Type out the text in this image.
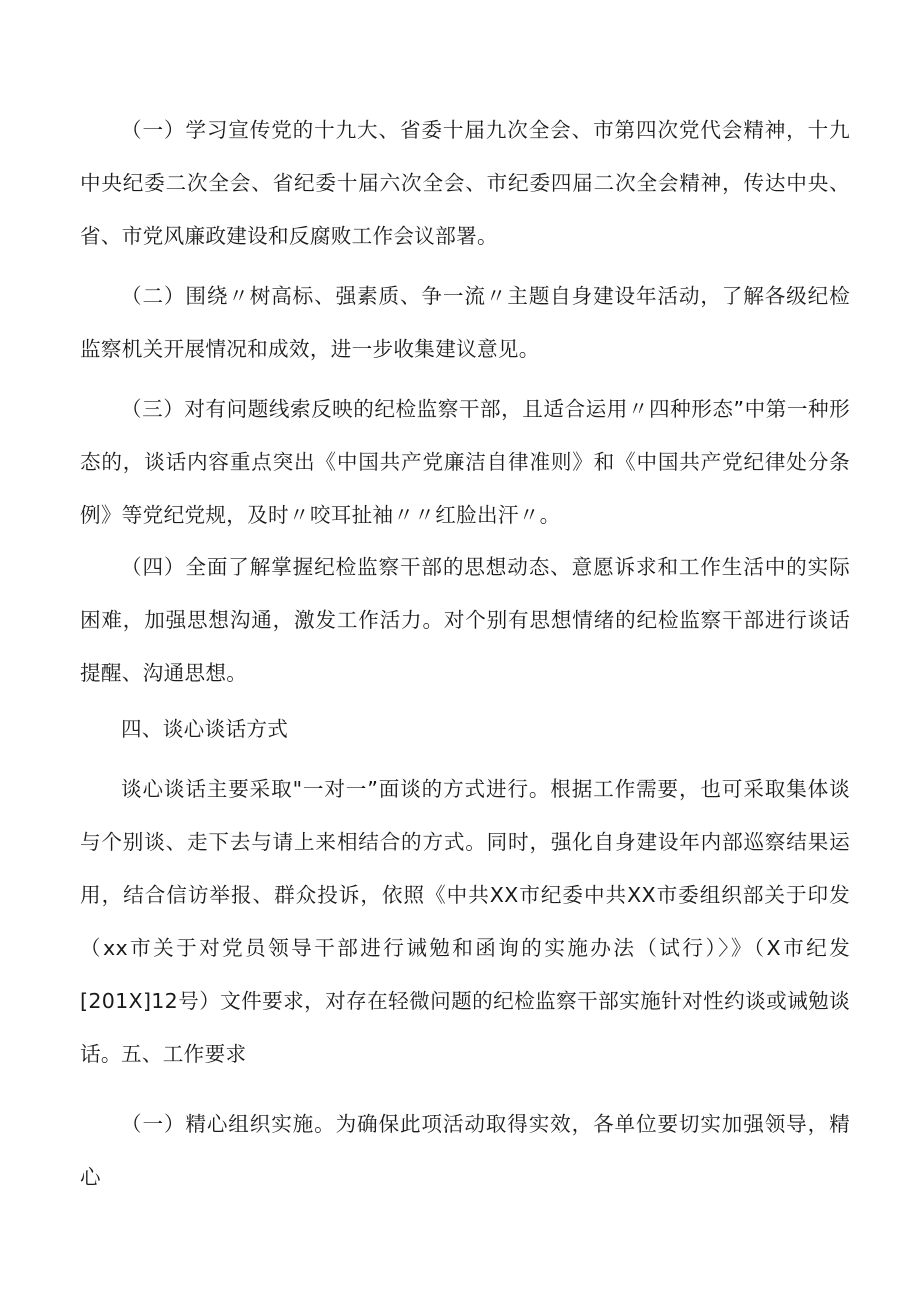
（一）学习宣传党的十九大、省委十届九次全会、市第四次党代会精神，十九中央纪委二次全会、省纪委十届六次全会、市纪委四届二次全会精神，传达中央、省、市党风廉政建设和反腐败工作会议部署。

（二）围绕〃树高标、强素质、争一流〃主题自身建设年活动，了解各级纪检监察机关开展情况和成效，进一步收集建议意见。

（三）对有问题线索反映的纪检监察干部，且适合运用〃四种形态”中第一种形态的，谈话内容重点突出《中国共产党廉洁自律准则》和《中国共产党纪律处分条例》等党纪党规，及时〃咬耳扯袖〃〃红脸出汗〃。

（四）全面了解掌握纪检监察干部的思想动态、意愿诉求和工作生活中的实际困难，加强思想沟通，激发工作活力。对个别有思想情绪的纪检监察干部进行谈话提醒、沟通思想。

四、谈心谈话方式

谈心谈话主要采取"一对一”面谈的方式进行。根据工作需要，也可采取集体谈与个别谈、走下去与请上来相结合的方式。同时，强化自身建设年内部巡察结果运用，结合信访举报、群众投诉，依照《中共XX市纪委中共XX市委组织部关于印发（xx市关于对党员领导干部进行诫勉和函询的实施办法（试行）〉》（X市纪发[201X]12号）文件要求，对存在轻微问题的纪检监察干部实施针对性约谈或诫勉谈话。 五、工作要求

（一）精心组织实施。为确保此项活动取得实效，各单位要切实加强领导，精心
